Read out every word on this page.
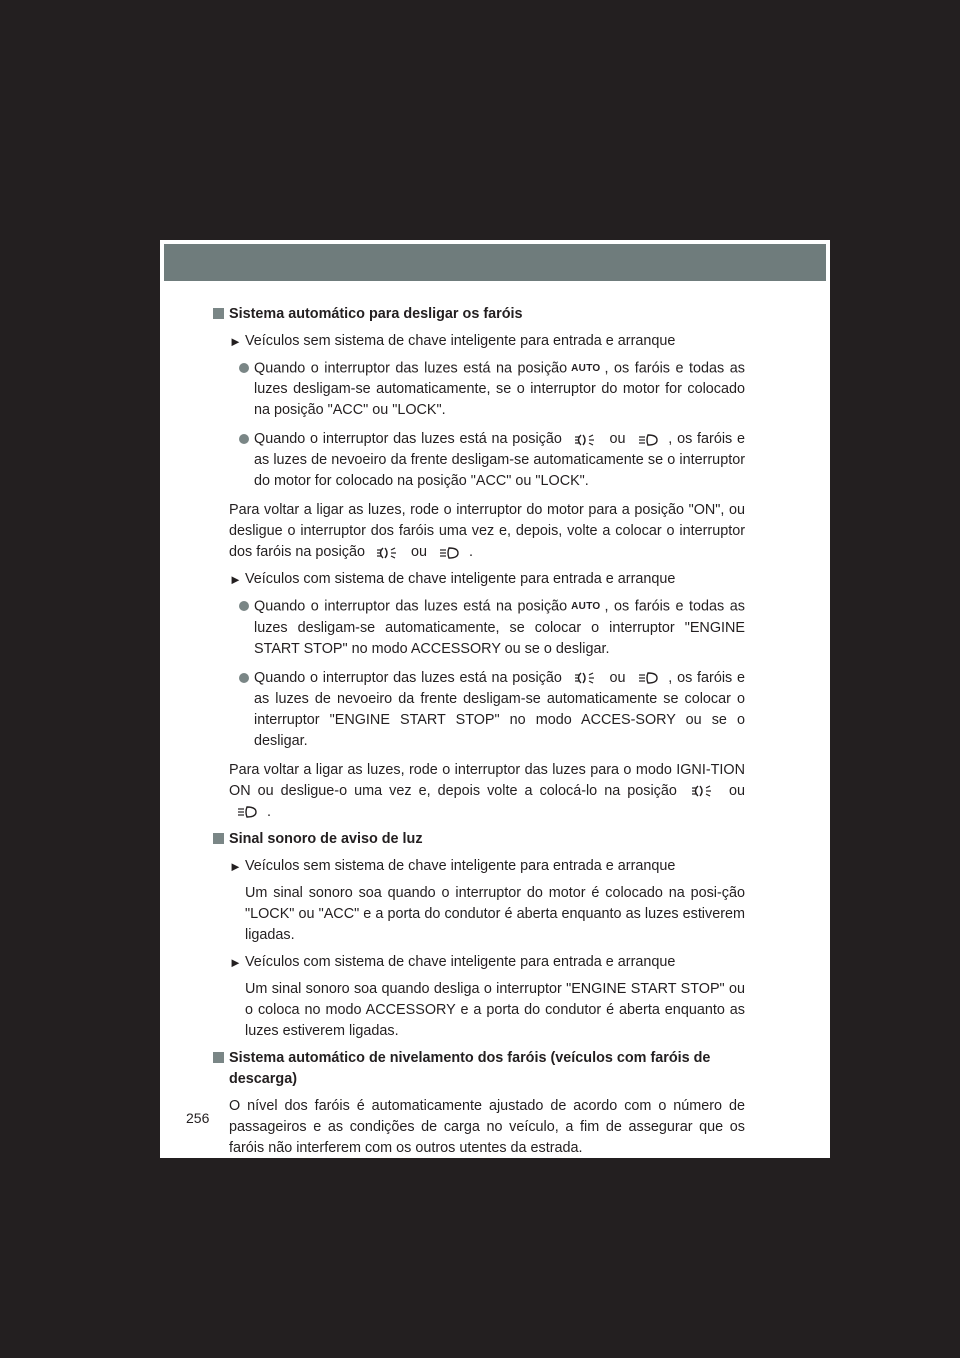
Sistema automático para desligar os faróis
► Veículos sem sistema de chave inteligente para entrada e arranque
Quando o interruptor das luzes está na posição AUTO , os faróis e todas as luzes desligam-se automaticamente, se o interruptor do motor for colocado na posição "ACC" ou "LOCK".
Quando o interruptor das luzes está na posição	ou	, os faróis e as luzes de nevoeiro da frente desligam-se automaticamente se o interruptor do motor for colocado na posição "ACC" ou "LOCK".
Para voltar a ligar as luzes, rode o interruptor do motor para a posição "ON", ou desligue o interruptor dos faróis uma vez e, depois, volte a colocar o interruptor dos faróis na posição	ou	.
► Veículos com sistema de chave inteligente para entrada e arranque
Quando o interruptor das luzes está na posição AUTO , os faróis e todas as luzes desligam-se automaticamente, se colocar o interruptor "ENGINE START STOP" no modo ACCESSORY ou se o desligar.
Quando o interruptor das luzes está na posição	ou	, os faróis e as luzes de nevoeiro da frente desligam-se automaticamente se colocar o interruptor "ENGINE START STOP" no modo ACCES-SORY ou se o desligar.
Para voltar a ligar as luzes, rode o interruptor das luzes para o modo IGNI-TION ON ou desligue-o uma vez e, depois volte a colocá-lo na posição	ou
.
Sinal sonoro de aviso de luz
► Veículos sem sistema de chave inteligente para entrada e arranque
Um sinal sonoro soa quando o interruptor do motor é colocado na posi-ção "LOCK" ou "ACC" e a porta do condutor é aberta enquanto as luzes estiverem ligadas.
► Veículos com sistema de chave inteligente para entrada e arranque
Um sinal sonoro soa quando desliga o interruptor "ENGINE START STOP" ou o coloca no modo ACCESSORY e a porta do condutor é aberta enquanto as luzes estiverem ligadas.
Sistema automático de nivelamento dos faróis (veículos com faróis de descarga)
O nível dos faróis é automaticamente ajustado de acordo com o número de passageiros e as condições de carga no veículo, a fim de assegurar que os faróis não interferem com os outros utentes da estrada.
256
